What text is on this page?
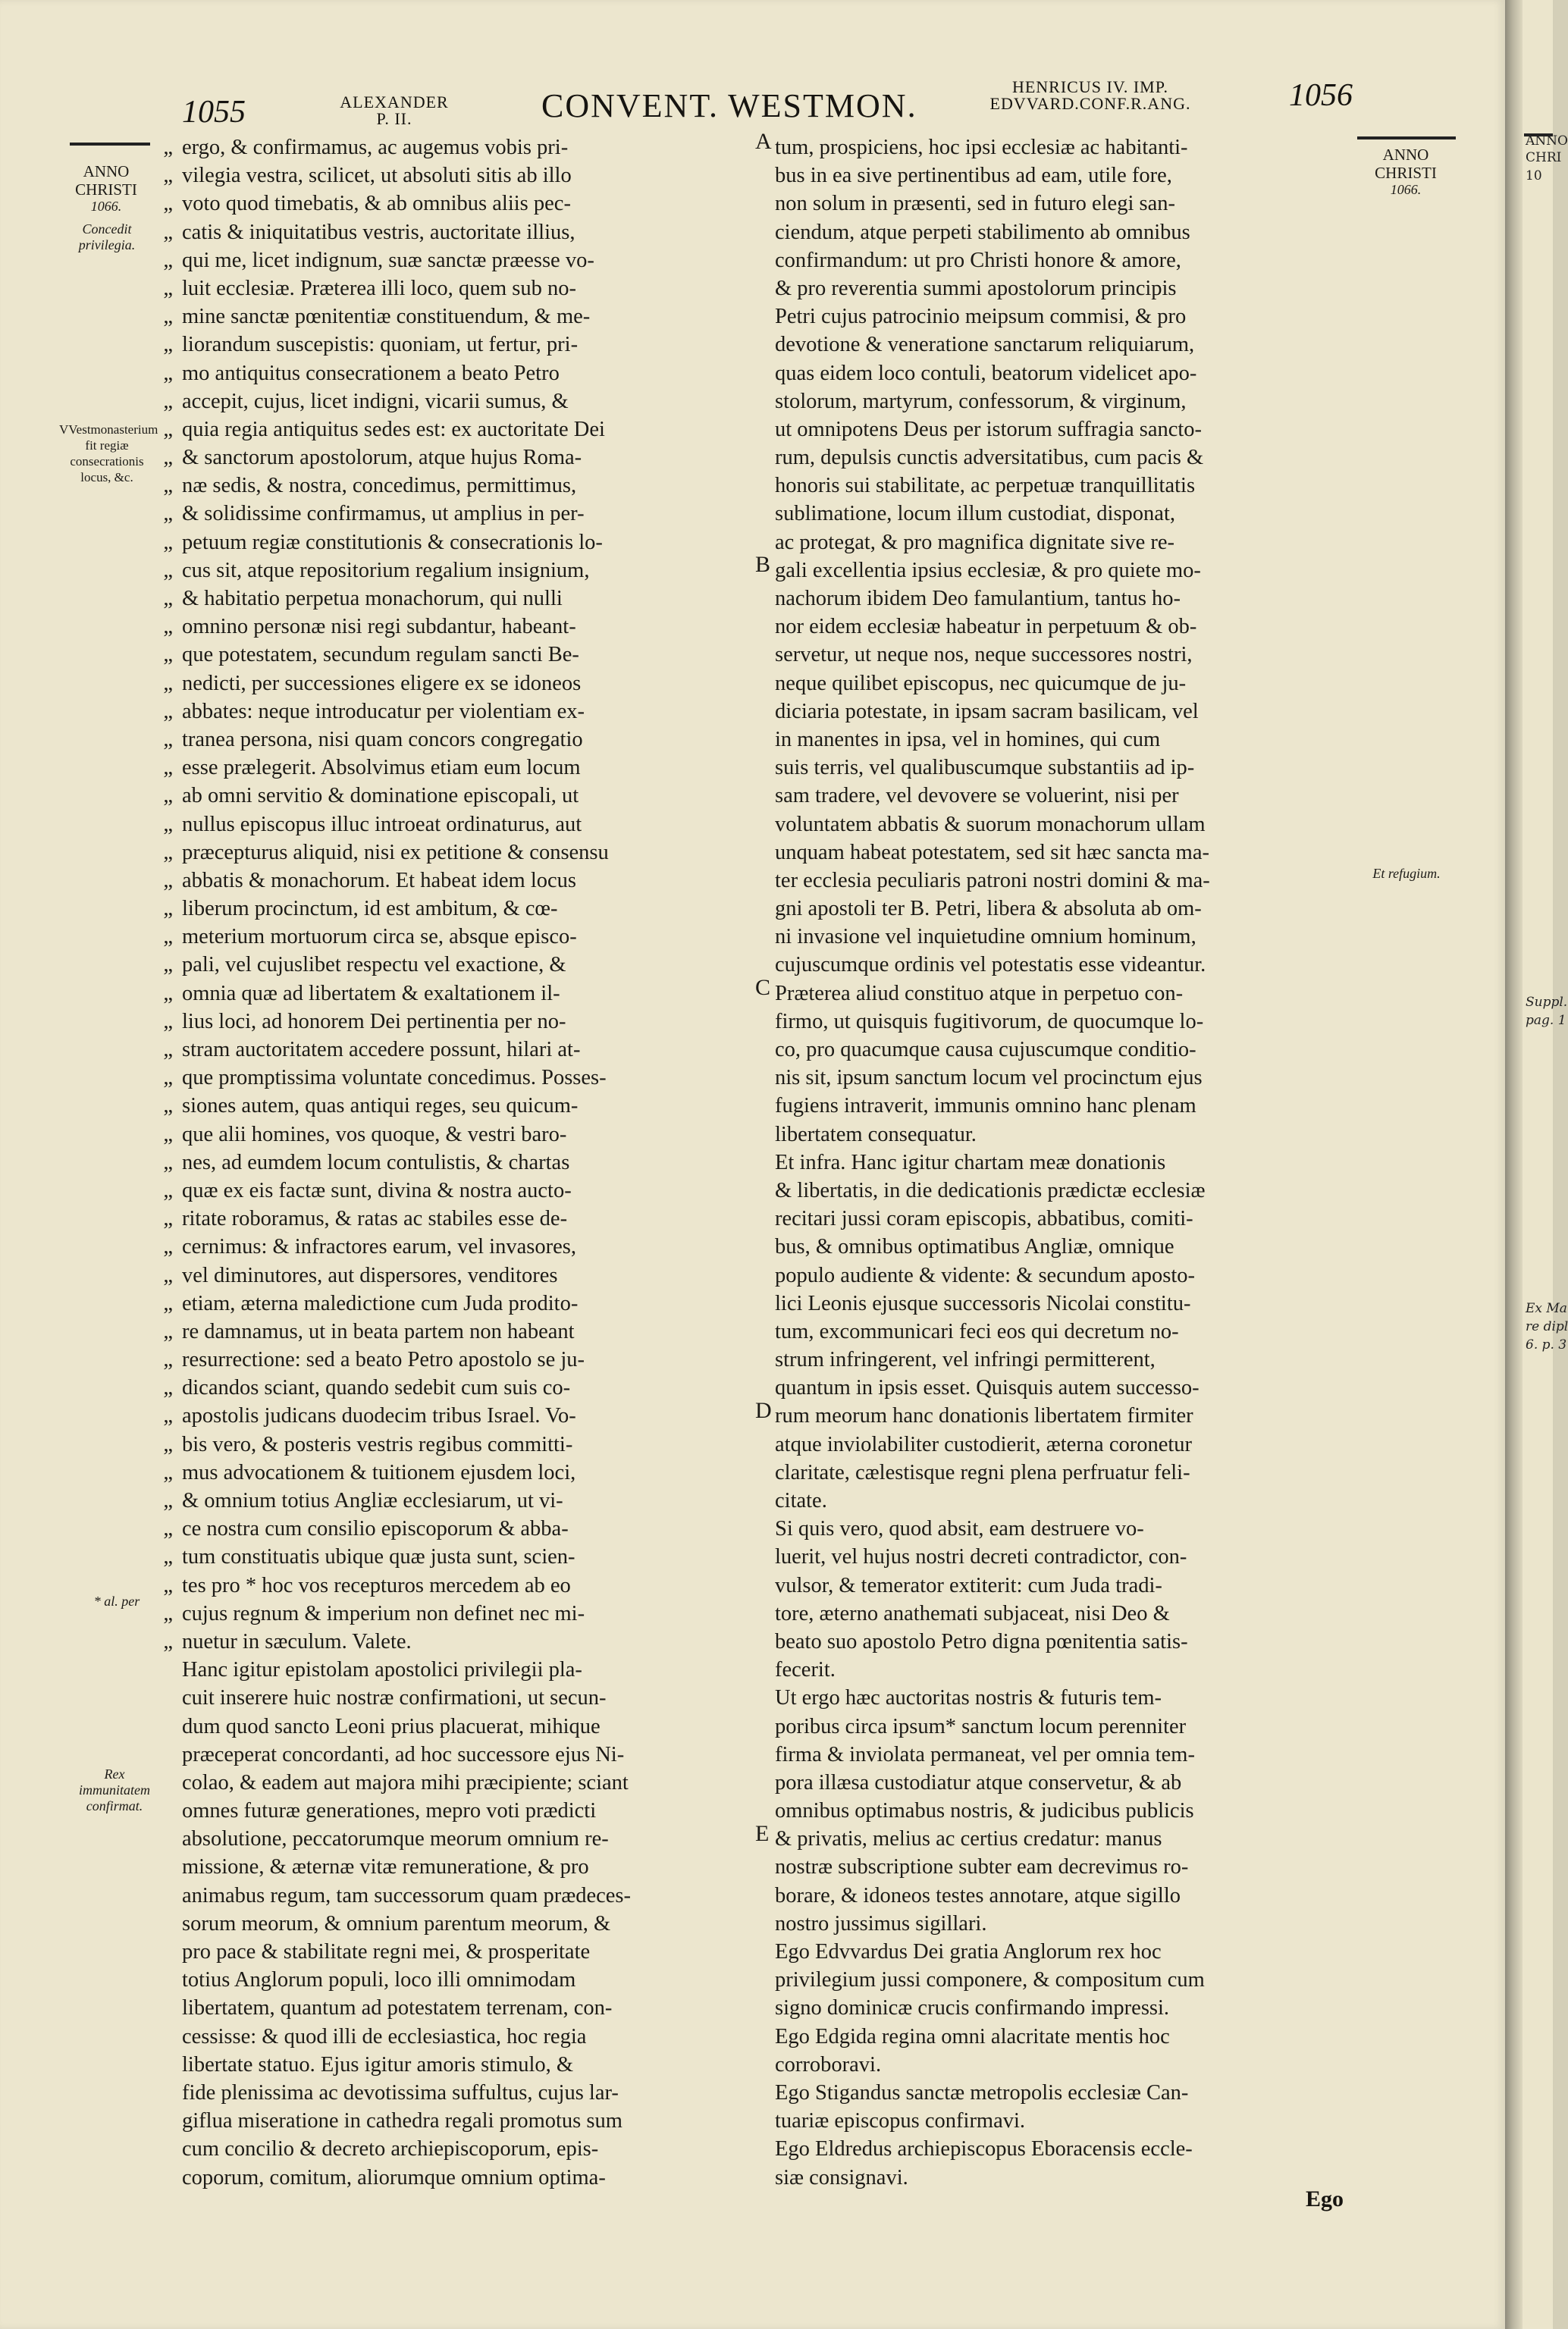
1055	ALEXANDER
P. II.	CONVENT. WESTMON.
HENRICUS IV. IMP.
EDVVARD.CONF.R.ANG.	1056
ANNO
CHRISTI
1066.
Concedit privilegia.
VVestmonasterium fit regiæ consecrationis locus, &c.
* al. per
Rex immunitatem confirmat.
ANNO
CHRISTI
1066.
Et refugium.
ANNO
CHRI
10
Suppl.
pag. 1
Ex Ma
re dipl
6. p. 3
A
B
C
D
E
„ ergo, & confirmamus, ac augemus vobis pri-
„ vilegia vestra, scilicet, ut absoluti sitis ab illo
„ voto quod timebatis, & ab omnibus aliis pec-
„ catis & iniquitatibus vestris, auctoritate illius,
„ qui me, licet indignum, suæ sanctæ præesse vo-
„ luit ecclesiæ. Præterea illi loco, quem sub no-
„ mine sanctæ pœnitentiæ constituendum, & me-
„ liorandum suscepistis: quoniam, ut fertur, pri-
„ mo antiquitus consecrationem a beato Petro
„ accepit, cujus, licet indigni, vicarii sumus, &
„ quia regia antiquitus sedes est: ex auctoritate Dei
„ & sanctorum apostolorum, atque hujus Roma-
„ næ sedis, & nostra, concedimus, permittimus,
„ & solidissime confirmamus, ut amplius in per-
„ petuum regiæ constitutionis & consecrationis lo-
„ cus sit, atque repositorium regalium insignium,
„ & habitatio perpetua monachorum, qui nulli
„ omnino personæ nisi regi subdantur, habeant-
„ que potestatem, secundum regulam sancti Be-
„ nedicti, per successiones eligere ex se idoneos
„ abbates: neque introducatur per violentiam ex-
„ tranea persona, nisi quam concors congregatio
„ esse prælegerit. Absolvimus etiam eum locum
„ ab omni servitio & dominatione episcopali, ut
„ nullus episcopus illuc introeat ordinaturus, aut
„ præcepturus aliquid, nisi ex petitione & consensu
„ abbatis & monachorum. Et habeat idem locus
„ liberum procinctum, id est ambitum, & cœ-
„ meterium mortuorum circa se, absque episco-
„ pali, vel cujuslibet respectu vel exactione, &
„ omnia quæ ad libertatem & exaltationem il-
„ lius loci, ad honorem Dei pertinentia per no-
„ stram auctoritatem accedere possunt, hilari at-
„ que promptissima voluntate concedimus. Posses-
„ siones autem, quas antiqui reges, seu quicum-
„ que alii homines, vos quoque, & vestri baro-
„ nes, ad eumdem locum contulistis, & chartas
„ quæ ex eis factæ sunt, divina & nostra aucto-
„ ritate roboramus, & ratas ac stabiles esse de-
„ cernimus: & infractores earum, vel invasores,
„ vel diminutores, aut dispersores, venditores
„ etiam, æterna maledictione cum Juda prodito-
„ re damnamus, ut in beata partem non habeant
„ resurrectione: sed a beato Petro apostolo se ju-
„ dicandos sciant, quando sedebit cum suis co-
„ apostolis judicans duodecim tribus Israel. Vo-
„ bis vero, & posteris vestris regibus committi-
„ mus advocationem & tuitionem ejusdem loci,
„ & omnium totius Angliæ ecclesiarum, ut vi-
„ ce nostra cum consilio episcoporum & abba-
„ tum constituatis ubique quæ justa sunt, scien-
„ tes pro * hoc vos recepturos mercedem ab eo
„ cujus regnum & imperium non definet nec mi-
„ nuetur in sæculum. Valete.
Hanc igitur epistolam apostolici privilegii pla-
cuit inserere huic nostræ confirmationi, ut secun-
dum quod sancto Leoni prius placuerat, mihique
præceperat concordanti, ad hoc successore ejus Ni-
colao, & eadem aut majora mihi præcipiente; sciant
omnes futuræ generationes, mepro voti prædicti
absolutione, peccatorumque meorum omnium re-
missione, & æternæ vitæ remuneratione, & pro
animabus regum, tam successorum quam prædeces-
sorum meorum, & omnium parentum meorum, &
pro pace & stabilitate regni mei, & prosperitate
totius Anglorum populi, loco illi omnimodam
libertatem, quantum ad potestatem terrenam, con-
cessisse: & quod illi de ecclesiastica, hoc regia
libertate statuo. Ejus igitur amoris stimulo, &
fide plenissima ac devotissima suffultus, cujus lar-
giflua miseratione in cathedra regali promotus sum
cum concilio & decreto archiepiscoporum, epis-
coporum, comitum, aliorumque omnium optima-
tum, prospiciens, hoc ipsi ecclesiæ ac habitanti-
bus in ea sive pertinentibus ad eam, utile fore,
non solum in præsenti, sed in futuro elegi san-
ciendum, atque perpeti stabilimento ab omnibus
confirmandum: ut pro Christi honore & amore,
& pro reverentia summi apostolorum principis
Petri cujus patrocinio meipsum commisi, & pro
devotione & veneratione sanctarum reliquiarum,
quas eidem loco contuli, beatorum videlicet apo-
stolorum, martyrum, confessorum, & virginum,
ut omnipotens Deus per istorum suffragia sancto-
rum, depulsis cunctis adversitatibus, cum pacis &
honoris sui stabilitate, ac perpetuæ tranquillitatis
sublimatione, locum illum custodiat, disponat,
ac protegat, & pro magnifica dignitate sive re-
gali excellentia ipsius ecclesiæ, & pro quiete mo-
nachorum ibidem Deo famulantium, tantus ho-
nor eidem ecclesiæ habeatur in perpetuum & ob-
servetur, ut neque nos, neque successores nostri,
neque quilibet episcopus, nec quicumque de ju-
diciaria potestate, in ipsam sacram basilicam, vel
in manentes in ipsa, vel in homines, qui cum
suis terris, vel qualibuscumque substantiis ad ip-
sam tradere, vel devovere se voluerint, nisi per
voluntatem abbatis & suorum monachorum ullam
unquam habeat potestatem, sed sit hæc sancta ma-
ter ecclesia peculiaris patroni nostri domini & ma-
gni apostoli ter B. Petri, libera & absoluta ab om-
ni invasione vel inquietudine omnium hominum,
cujuscumque ordinis vel potestatis esse videantur.
Præterea aliud constituo atque in perpetuo con-
firmo, ut quisquis fugitivorum, de quocumque lo-
co, pro quacumque causa cujuscumque conditio-
nis sit, ipsum sanctum locum vel procinctum ejus
fugiens intraverit, immunis omnino hanc plenam
libertatem consequatur.
Et infra. Hanc igitur chartam meæ donationis
& libertatis, in die dedicationis prædictæ ecclesiæ
recitari jussi coram episcopis, abbatibus, comiti-
bus, & omnibus optimatibus Angliæ, omnique
populo audiente & vidente: & secundum aposto-
lici Leonis ejusque successoris Nicolai constitu-
tum, excommunicari feci eos qui decretum no-
strum infringerent, vel infringi permitterent,
quantum in ipsis esset. Quisquis autem successo-
rum meorum hanc donationis libertatem firmiter
atque inviolabiliter custodierit, æterna coronetur
claritate, cælestisque regni plena perfruatur feli-
citate.
Si quis vero, quod absit, eam destruere vo-
luerit, vel hujus nostri decreti contradictor, con-
vulsor, & temerator extiterit: cum Juda tradi-
tore, æterno anathemati subjaceat, nisi Deo &
beato suo apostolo Petro digna pœnitentia satis-
fecerit.
Ut ergo hæc auctoritas nostris & futuris tem-
poribus circa ipsum* sanctum locum perenniter
firma & inviolata permaneat, vel per omnia tem-
pora illæsa custodiatur atque conservetur, & ab
omnibus optimabus nostris, & judicibus publicis
& privatis, melius ac certius credatur: manus
nostræ subscriptione subter eam decrevimus ro-
borare, & idoneos testes annotare, atque sigillo
nostro jussimus sigillari.
Ego Edvvardus Dei gratia Anglorum rex hoc
privilegium jussi componere, & compositum cum
signo dominicæ crucis confirmando impressi.
Ego Edgida regina omni alacritate mentis hoc
corroboravi.
Ego Stigandus sanctæ metropolis ecclesiæ Can-
tuariæ episcopus confirmavi.
Ego Eldredus archiepiscopus Eboracensis eccle-
siæ consignavi.
Ego
